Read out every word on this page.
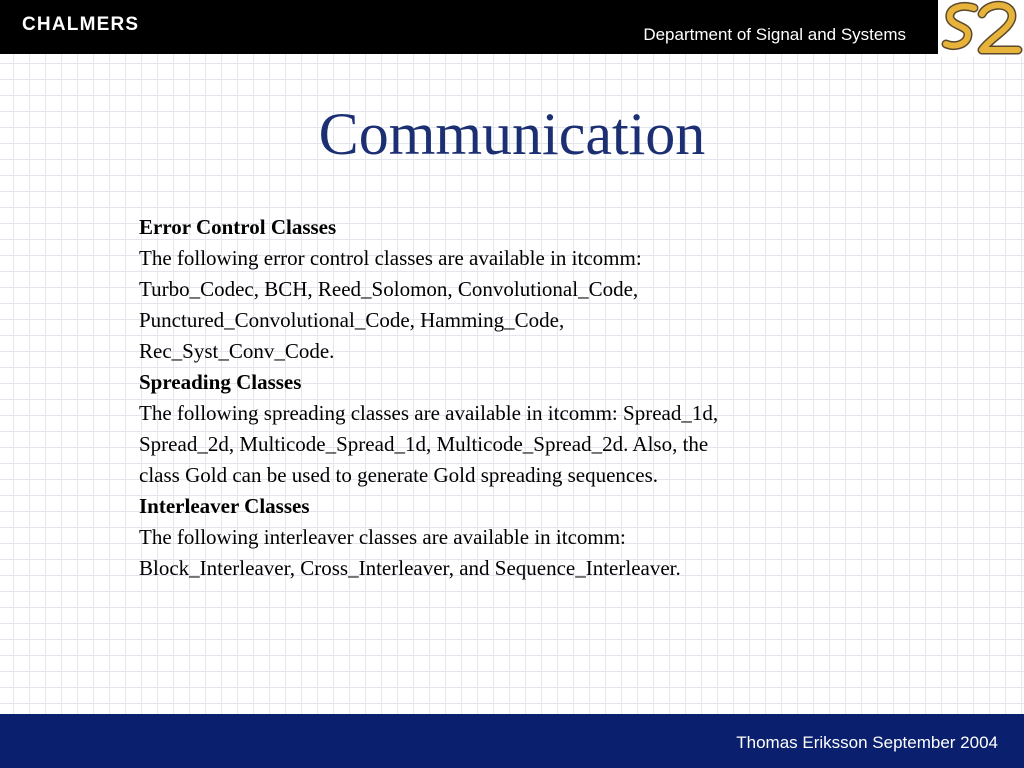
CHALMERS	Department of Signal and Systems
Communication

Error Control Classes

The following error control classes are available in itcomm: Turbo_Codec, BCH, Reed_Solomon, Convolutional_Code, Punctured_Convolutional_Code, Hamming_Code, Rec_Syst_Conv_Code.

Spreading Classes

The following spreading classes are available in itcomm: Spread_1d, Spread_2d, Multicode_Spread_1d, Multicode_Spread_2d. Also, the class Gold can be used to generate Gold spreading sequences.

Interleaver Classes

The following interleaver classes are available in itcomm: Block_Interleaver, Cross_Interleaver, and Sequence_Interleaver.

Thomas Eriksson September 2004
